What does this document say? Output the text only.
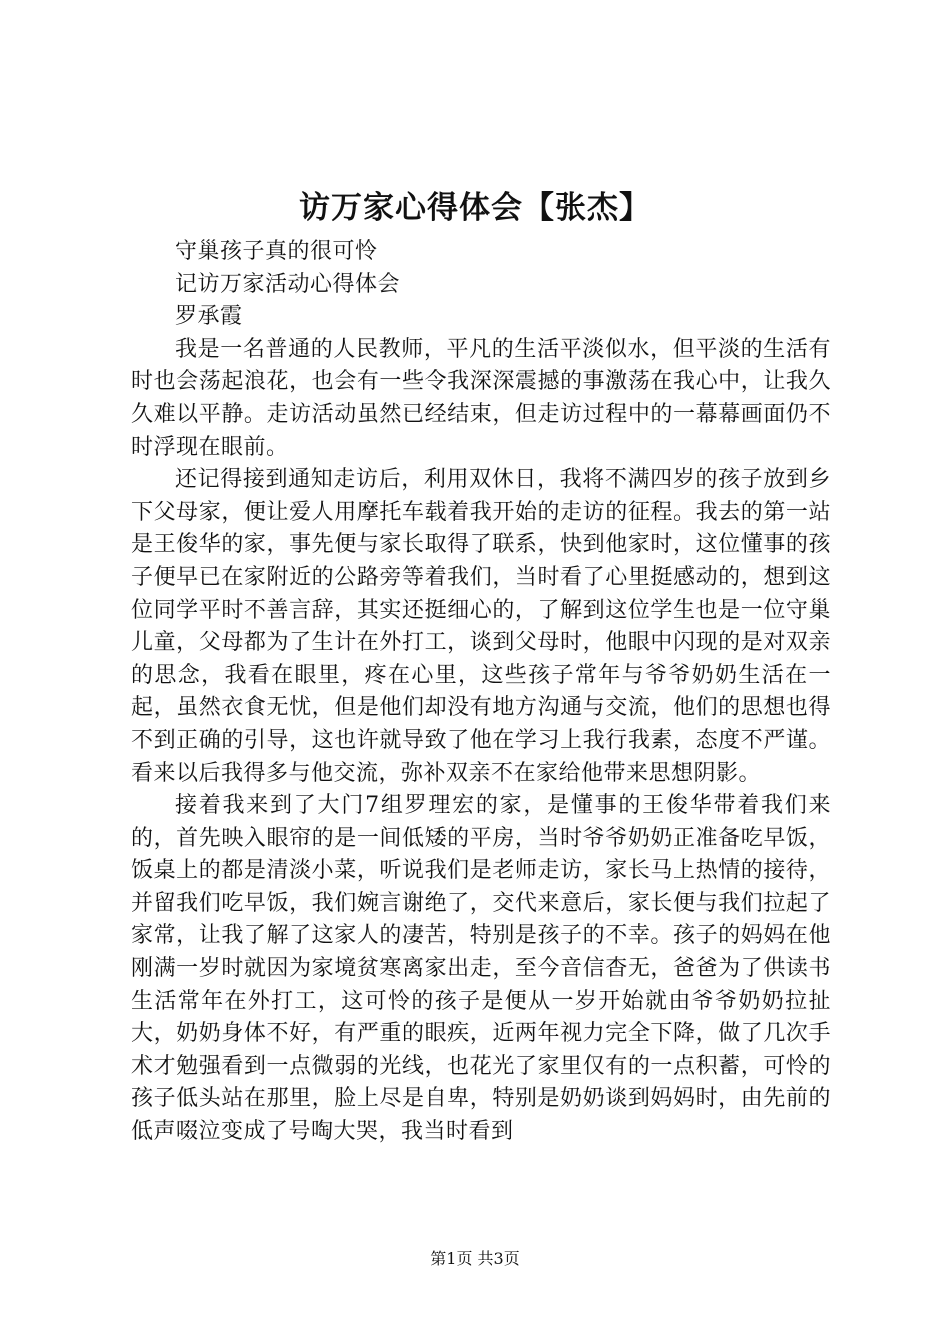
访万家心得体会【张杰】

守巢孩子真的很可怜

记访万家活动心得体会

罗承霞

我是一名普通的人民教师，平凡的生活平淡似水，但平淡的生活有时也会荡起浪花，也会有一些令我深深震撼的事激荡在我心中，让我久久难以平静。走访活动虽然已经结束，但走访过程中的一幕幕画面仍不时浮现在眼前。

还记得接到通知走访后，利用双休日，我将不满四岁的孩子放到乡下父母家，便让爱人用摩托车载着我开始的走访的征程。我去的第一站是王俊华的家，事先便与家长取得了联系，快到他家时，这位懂事的孩子便早已在家附近的公路旁等着我们，当时看了心里挺感动的，想到这位同学平时不善言辞，其实还挺细心的，了解到这位学生也是一位守巢儿童，父母都为了生计在外打工，谈到父母时，他眼中闪现的是对双亲的思念，我看在眼里，疼在心里，这些孩子常年与爷爷奶奶生活在一起，虽然衣食无忧，但是他们却没有地方沟通与交流，他们的思想也得不到正确的引导，这也许就导致了他在学习上我行我素，态度不严谨。看来以后我得多与他交流，弥补双亲不在家给他带来思想阴影。

接着我来到了大门7组罗理宏的家，是懂事的王俊华带着我们来的，首先映入眼帘的是一间低矮的平房，当时爷爷奶奶正准备吃早饭，饭桌上的都是清淡小菜，听说我们是老师走访，家长马上热情的接待，并留我们吃早饭，我们婉言谢绝了，交代来意后，家长便与我们拉起了家常，让我了解了这家人的凄苦，特别是孩子的不幸。孩子的妈妈在他刚满一岁时就因为家境贫寒离家出走，至今音信杳无，爸爸为了供读书生活常年在外打工，这可怜的孩子是便从一岁开始就由爷爷奶奶拉扯大，奶奶身体不好，有严重的眼疾，近两年视力完全下降，做了几次手术才勉强看到一点微弱的光线，也花光了家里仅有的一点积蓄，可怜的孩子低头站在那里，脸上尽是自卑，特别是奶奶谈到妈妈时，由先前的低声啜泣变成了号啕大哭，我当时看到

第1页 共3页
